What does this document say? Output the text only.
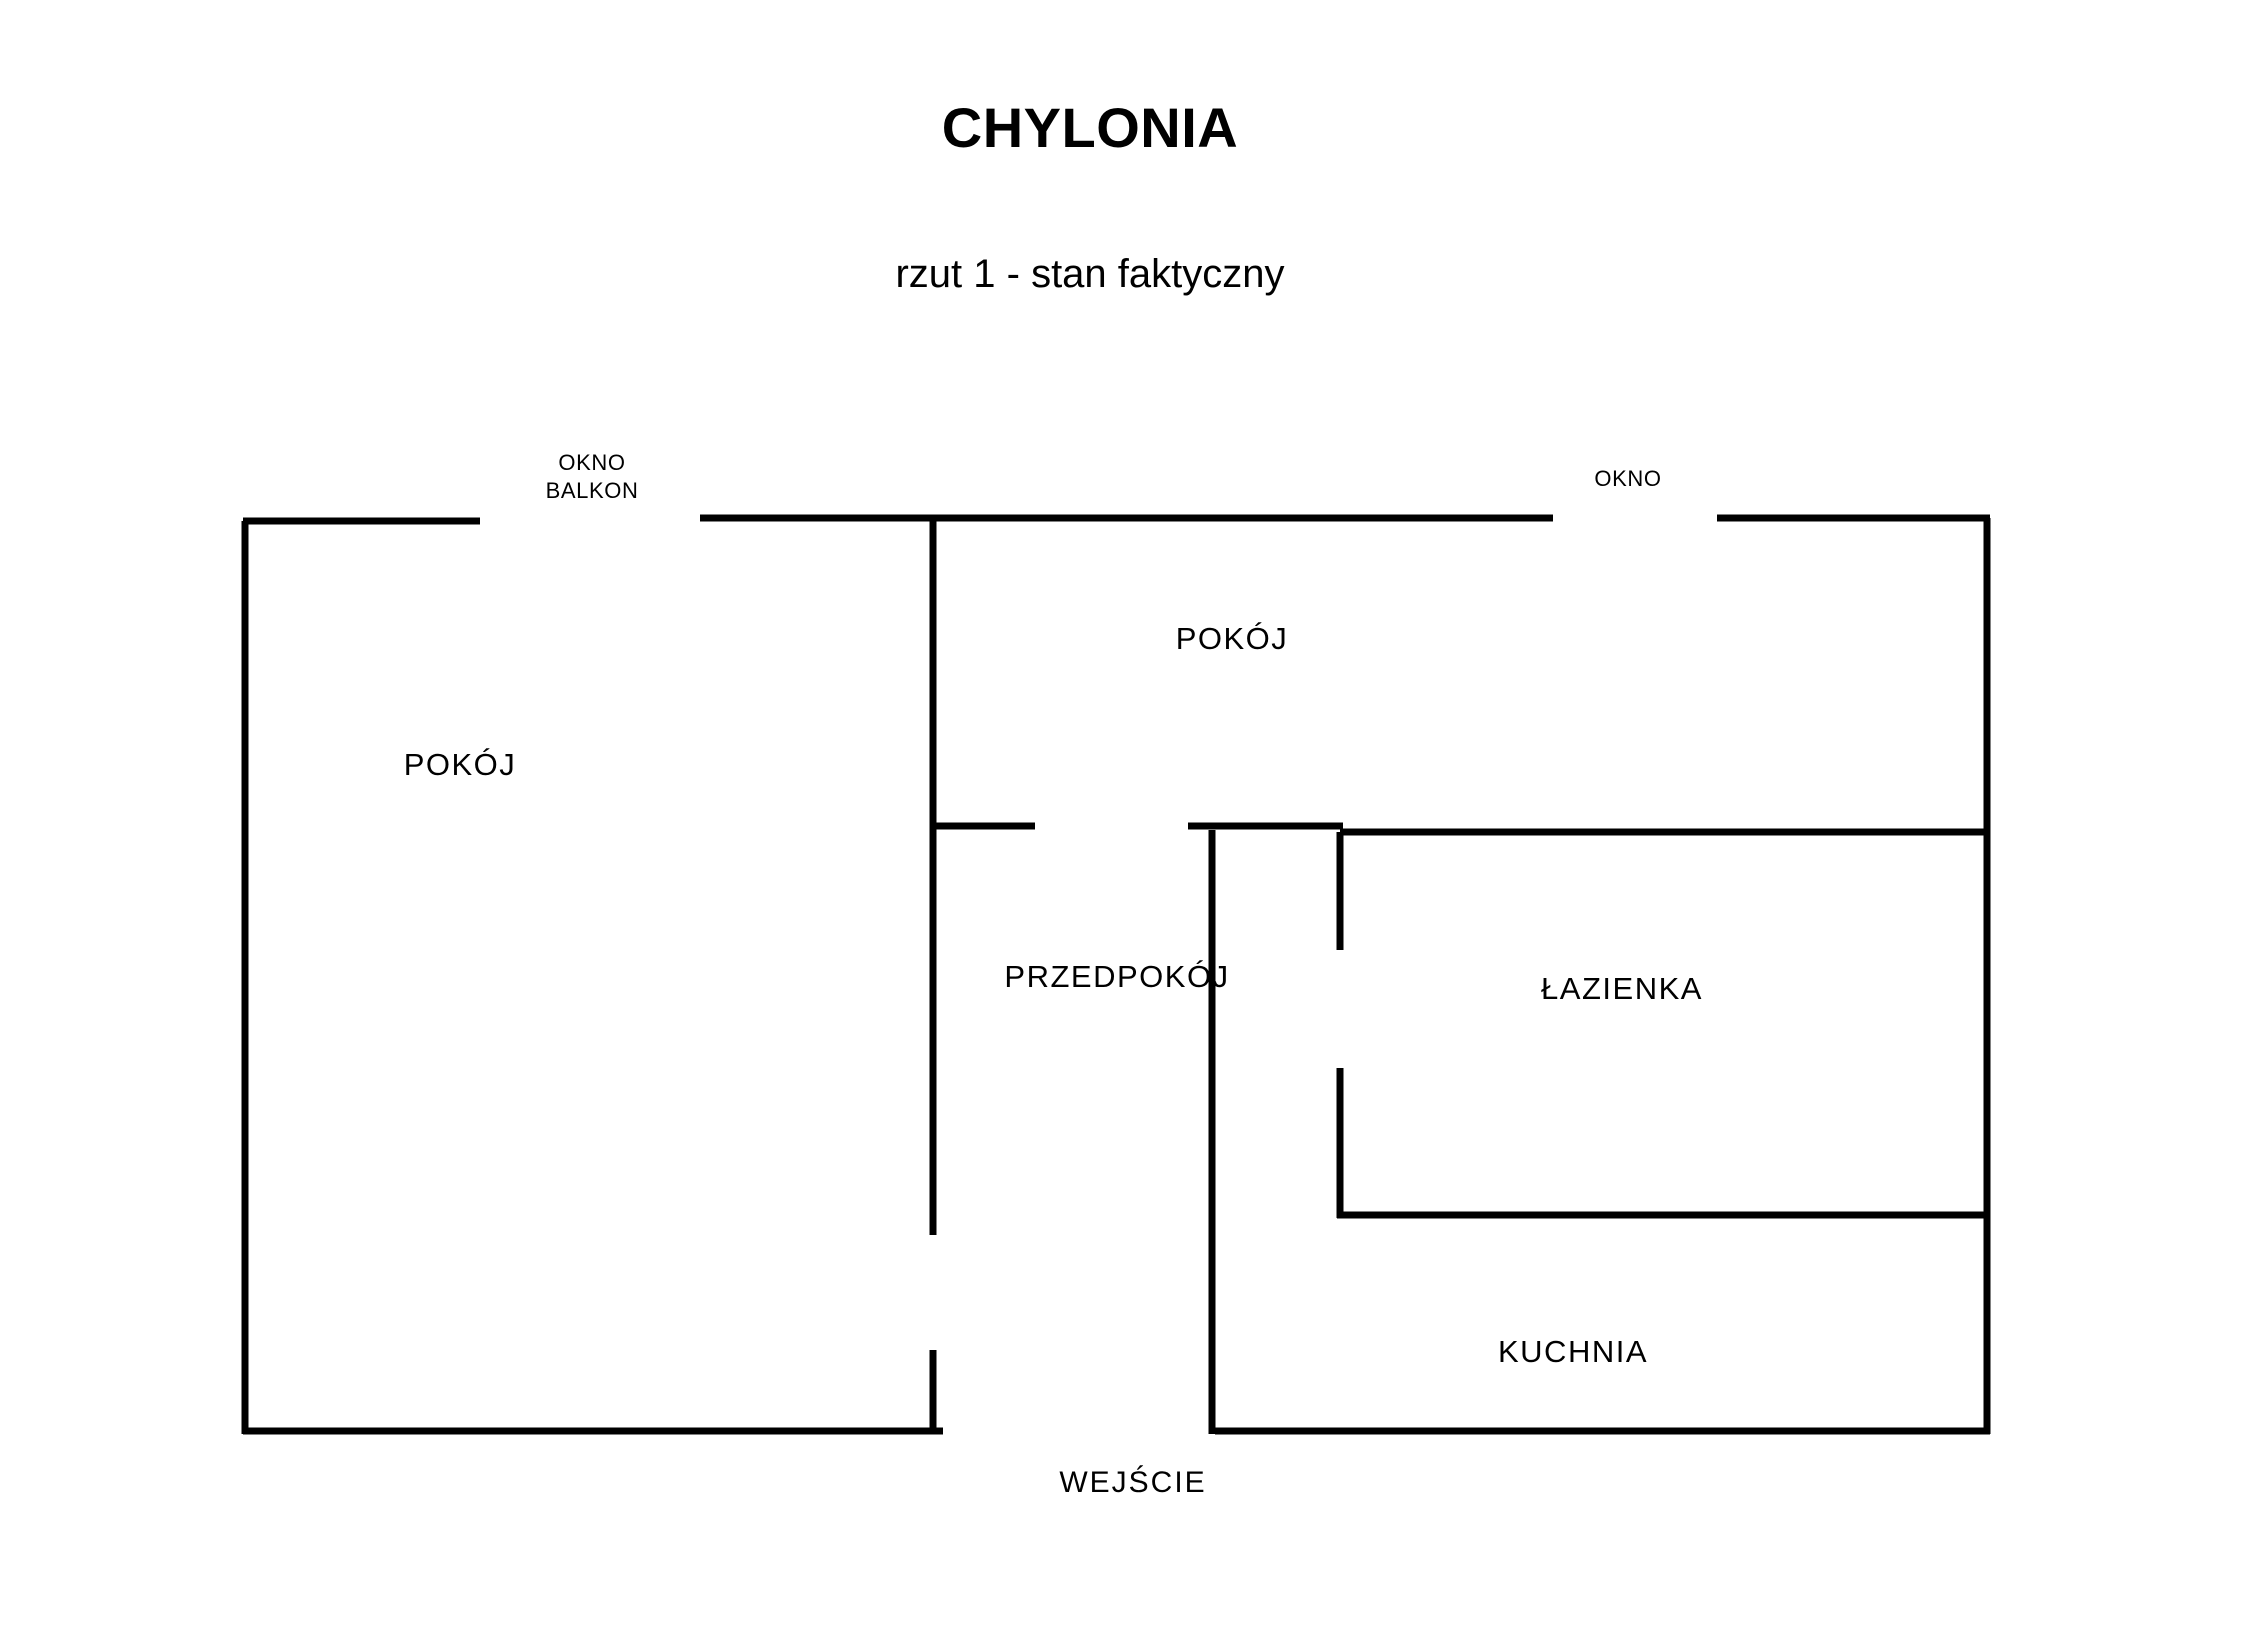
CHYLONIA
rzut 1 - stan faktyczny
POKÓJ
POKÓJ
PRZEDPOKÓJ	ŁAZIENKA
KUCHNIA
OKNO
BALKON	OKNO
WEJŚCIE
